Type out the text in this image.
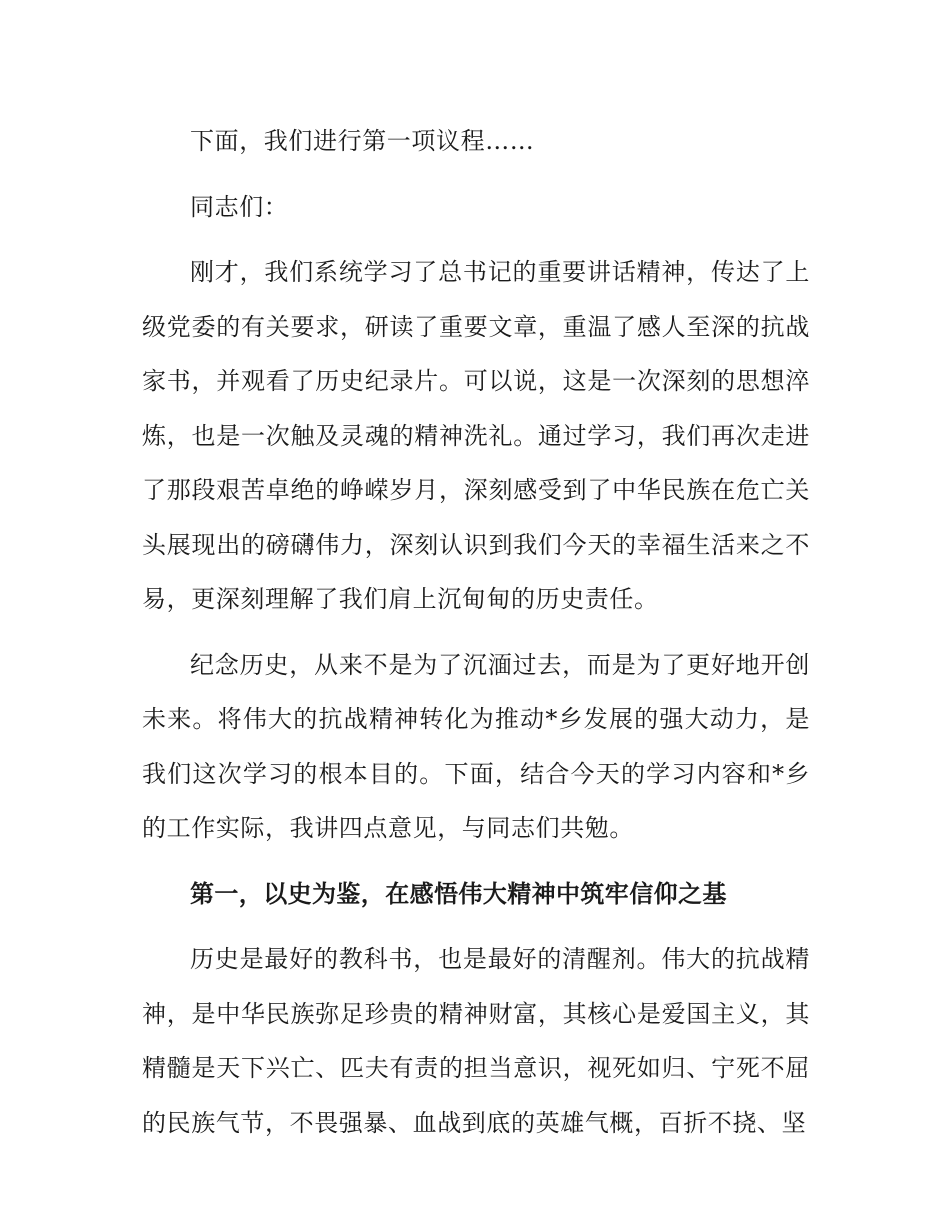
下面，我们进行第一项议程……

同志们：

刚才，我们系统学习了总书记的重要讲话精神，传达了上级党委的有关要求，研读了重要文章，重温了感人至深的抗战家书，并观看了历史纪录片。可以说，这是一次深刻的思想淬炼，也是一次触及灵魂的精神洗礼。通过学习，我们再次走进了那段艰苦卓绝的峥嵘岁月，深刻感受到了中华民族在危亡关头展现出的磅礴伟力，深刻认识到我们今天的幸福生活来之不易，更深刻理解了我们肩上沉甸甸的历史责任。

纪念历史，从来不是为了沉湎过去，而是为了更好地开创未来。将伟大的抗战精神转化为推动*乡发展的强大动力，是我们这次学习的根本目的。下面，结合今天的学习内容和*乡的工作实际，我讲四点意见，与同志们共勉。

第一，以史为鉴，在感悟伟大精神中筑牢信仰之基

历史是最好的教科书，也是最好的清醒剂。伟大的抗战精神，是中华民族弥足珍贵的精神财富，其核心是爱国主义，其精髓是天下兴亡、匹夫有责的担当意识，视死如归、宁死不屈的民族气节，不畏强暴、血战到底的英雄气概，百折不挠、坚
